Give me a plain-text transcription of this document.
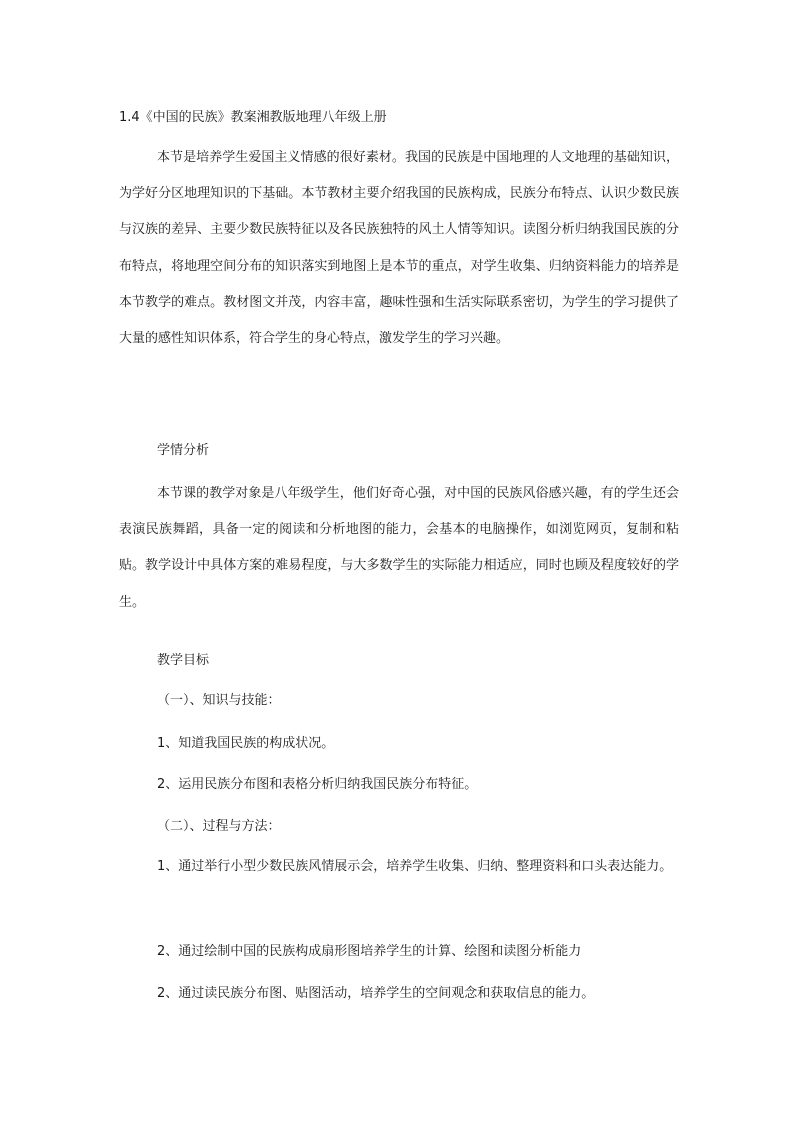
1.4《中国的民族》教案湘教版地理八年级上册
本节是培养学生爱国主义情感的很好素材。我国的民族是中国地理的人文地理的基础知识，为学好分区地理知识的下基础。本节教材主要介绍我国的民族构成，民族分布特点、认识少数民族与汉族的差异、主要少数民族特征以及各民族独特的风土人情等知识。读图分析归纳我国民族的分布特点，将地理空间分布的知识落实到地图上是本节的重点，对学生收集、归纳资料能力的培养是本节教学的难点。教材图文并茂，内容丰富，趣味性强和生活实际联系密切，为学生的学习提供了大量的感性知识体系，符合学生的身心特点，激发学生的学习兴趣。
学情分析
本节课的教学对象是八年级学生，他们好奇心强，对中国的民族风俗感兴趣，有的学生还会表演民族舞蹈，具备一定的阅读和分析地图的能力，会基本的电脑操作，如浏览网页，复制和粘贴。教学设计中具体方案的难易程度，与大多数学生的实际能力相适应，同时也顾及程度较好的学生。
教学目标
（一）、知识与技能：
1、知道我国民族的构成状况。
2、运用民族分布图和表格分析归纳我国民族分布特征。
（二）、过程与方法：
1、通过举行小型少数民族风情展示会，培养学生收集、归纳、整理资料和口头表达能力。
2、通过绘制中国的民族构成扇形图培养学生的计算、绘图和读图分析能力
2、通过读民族分布图、贴图活动，培养学生的空间观念和获取信息的能力。
